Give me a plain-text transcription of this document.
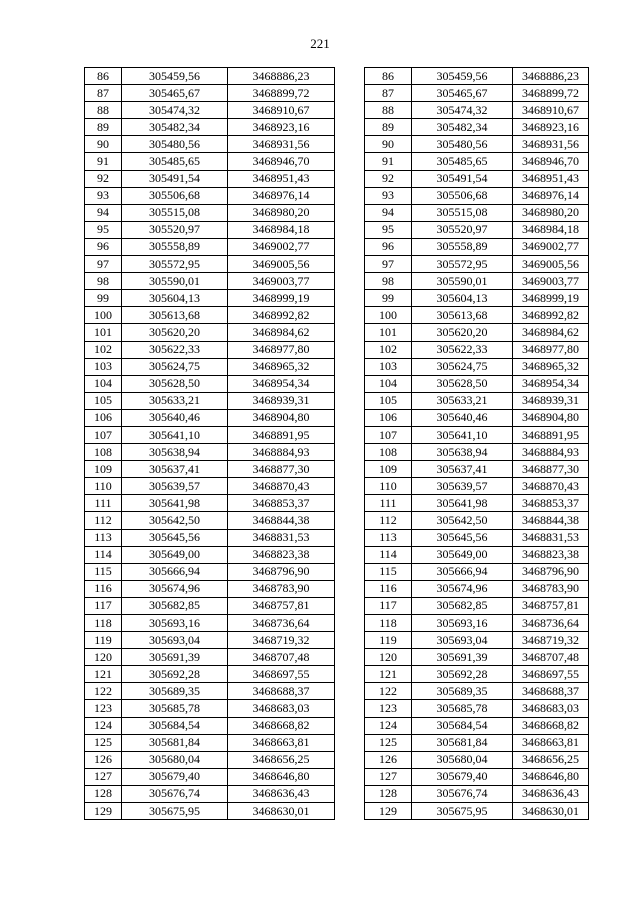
221
86	305459,56	3468886,23
87	305465,67	3468899,72
88	305474,32	3468910,67
89	305482,34	3468923,16
90	305480,56	3468931,56
91	305485,65	3468946,70
92	305491,54	3468951,43
93	305506,68	3468976,14
94	305515,08	3468980,20
95	305520,97	3468984,18
96	305558,89	3469002,77
97	305572,95	3469005,56
98	305590,01	3469003,77
99	305604,13	3468999,19
100	305613,68	3468992,82
101	305620,20	3468984,62
102	305622,33	3468977,80
103	305624,75	3468965,32
104	305628,50	3468954,34
105	305633,21	3468939,31
106	305640,46	3468904,80
107	305641,10	3468891,95
108	305638,94	3468884,93
109	305637,41	3468877,30
110	305639,57	3468870,43
111	305641,98	3468853,37
112	305642,50	3468844,38
113	305645,56	3468831,53
114	305649,00	3468823,38
115	305666,94	3468796,90
116	305674,96	3468783,90
117	305682,85	3468757,81
118	305693,16	3468736,64
119	305693,04	3468719,32
120	305691,39	3468707,48
121	305692,28	3468697,55
122	305689,35	3468688,37
123	305685,78	3468683,03
124	305684,54	3468668,82
125	305681,84	3468663,81
126	305680,04	3468656,25
127	305679,40	3468646,80
128	305676,74	3468636,43
129	305675,95	3468630,01
86	305459,56	3468886,23
87	305465,67	3468899,72
88	305474,32	3468910,67
89	305482,34	3468923,16
90	305480,56	3468931,56
91	305485,65	3468946,70
92	305491,54	3468951,43
93	305506,68	3468976,14
94	305515,08	3468980,20
95	305520,97	3468984,18
96	305558,89	3469002,77
97	305572,95	3469005,56
98	305590,01	3469003,77
99	305604,13	3468999,19
100	305613,68	3468992,82
101	305620,20	3468984,62
102	305622,33	3468977,80
103	305624,75	3468965,32
104	305628,50	3468954,34
105	305633,21	3468939,31
106	305640,46	3468904,80
107	305641,10	3468891,95
108	305638,94	3468884,93
109	305637,41	3468877,30
110	305639,57	3468870,43
111	305641,98	3468853,37
112	305642,50	3468844,38
113	305645,56	3468831,53
114	305649,00	3468823,38
115	305666,94	3468796,90
116	305674,96	3468783,90
117	305682,85	3468757,81
118	305693,16	3468736,64
119	305693,04	3468719,32
120	305691,39	3468707,48
121	305692,28	3468697,55
122	305689,35	3468688,37
123	305685,78	3468683,03
124	305684,54	3468668,82
125	305681,84	3468663,81
126	305680,04	3468656,25
127	305679,40	3468646,80
128	305676,74	3468636,43
129	305675,95	3468630,01
